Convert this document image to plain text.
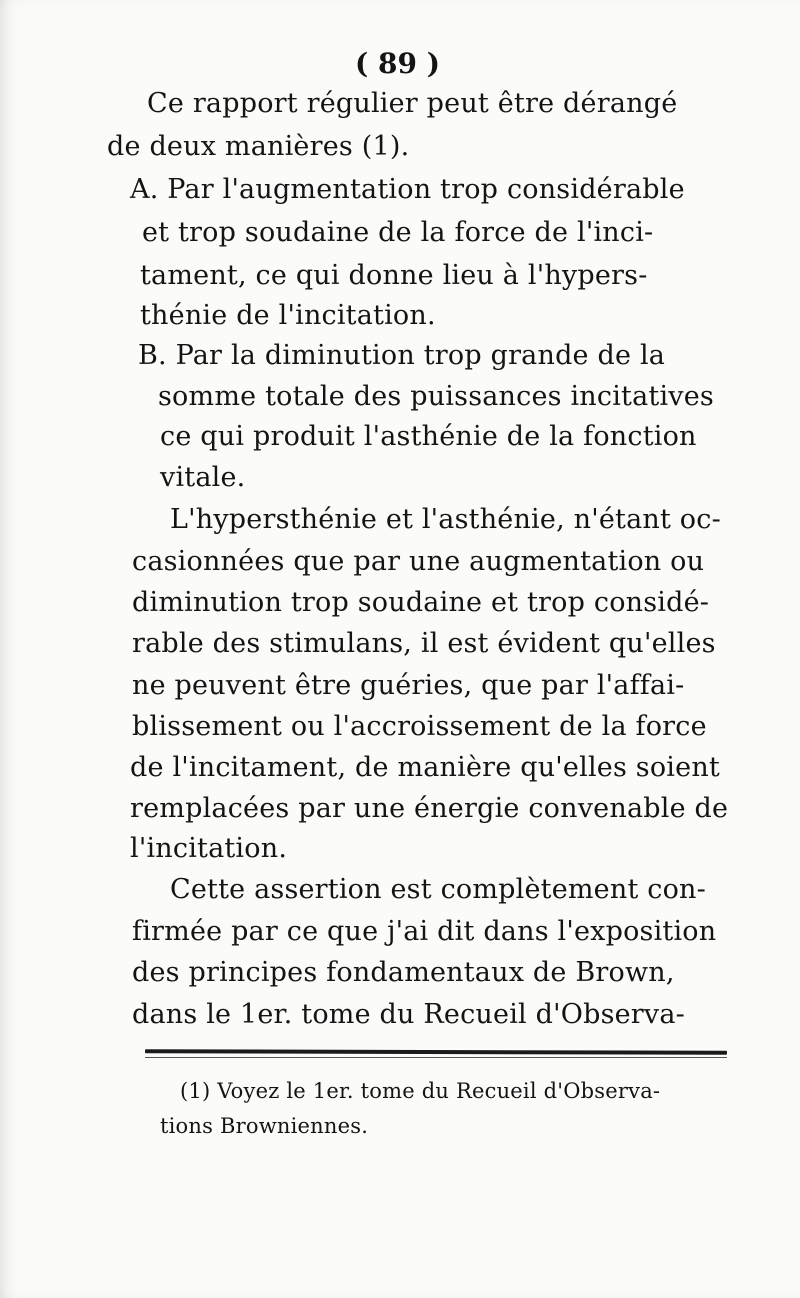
( 89 )
Ce rapport régulier peut être dérangé
de deux manières (1).
A. Par l'augmentation trop considérable
et trop soudaine de la force de l'inci-
tament, ce qui donne lieu à l'hypers-
thénie de l'incitation.
B. Par la diminution trop grande de la
somme totale des puissances incitatives
ce qui produit l'asthénie de la fonction
vitale.
L'hypersthénie et l'asthénie, n'étant oc-
casionnées que par une augmentation ou
diminution trop soudaine et trop considé-
rable des stimulans, il est évident qu'elles
ne peuvent être guéries, que par l'affai-
blissement ou l'accroissement de la force
de l'incitament, de manière qu'elles soient
remplacées par une énergie convenable de
l'incitation.
Cette assertion est complètement con-
firmée par ce que j'ai dit dans l'exposition
des principes fondamentaux de Brown,
dans le 1er. tome du Recueil d'Observa-
(1) Voyez le 1er. tome du Recueil d'Observa-
tions Browniennes.
